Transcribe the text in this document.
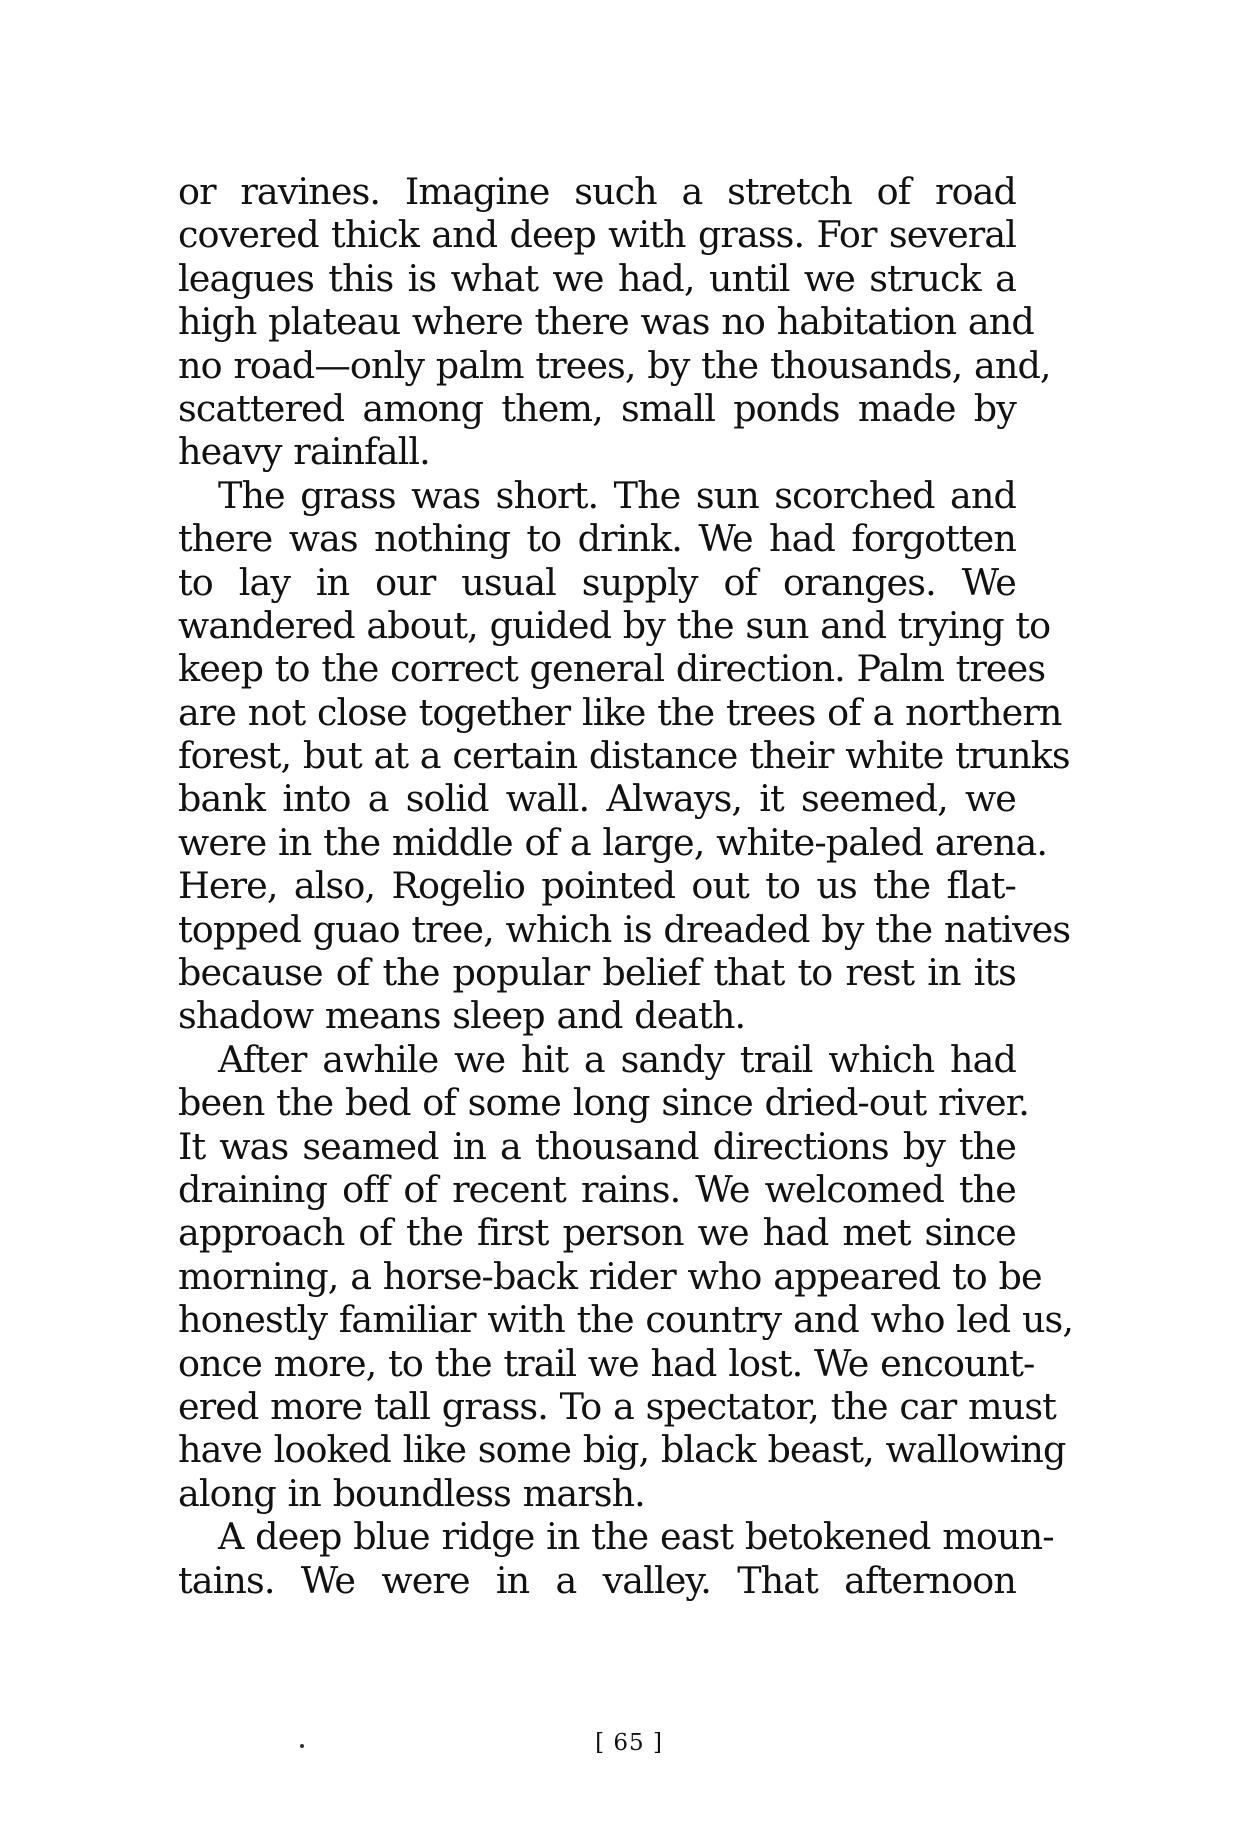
or ravines. Imagine such a stretch of road
covered thick and deep with grass. For several
leagues this is what we had, until we struck a
high plateau where there was no habitation and
no road—only palm trees, by the thousands, and,
scattered among them, small ponds made by
heavy rainfall.
The grass was short. The sun scorched and
there was nothing to drink. We had forgotten
to lay in our usual supply of oranges. We
wandered about, guided by the sun and trying to
keep to the correct general direction. Palm trees
are not close together like the trees of a northern
forest, but at a certain distance their white trunks
bank into a solid wall. Always, it seemed, we
were in the middle of a large, white-paled arena.
Here, also, Rogelio pointed out to us the flat-
topped guao tree, which is dreaded by the natives
because of the popular belief that to rest in its
shadow means sleep and death.
After awhile we hit a sandy trail which had
been the bed of some long since dried-out river.
It was seamed in a thousand directions by the
draining off of recent rains. We welcomed the
approach of the first person we had met since
morning, a horse-back rider who appeared to be
honestly familiar with the country and who led us,
once more, to the trail we had lost. We encount-
ered more tall grass. To a spectator, the car must
have looked like some big, black beast, wallowing
along in boundless marsh.
A deep blue ridge in the east betokened moun-
tains. We were in a valley. That afternoon
[ 65 ]
